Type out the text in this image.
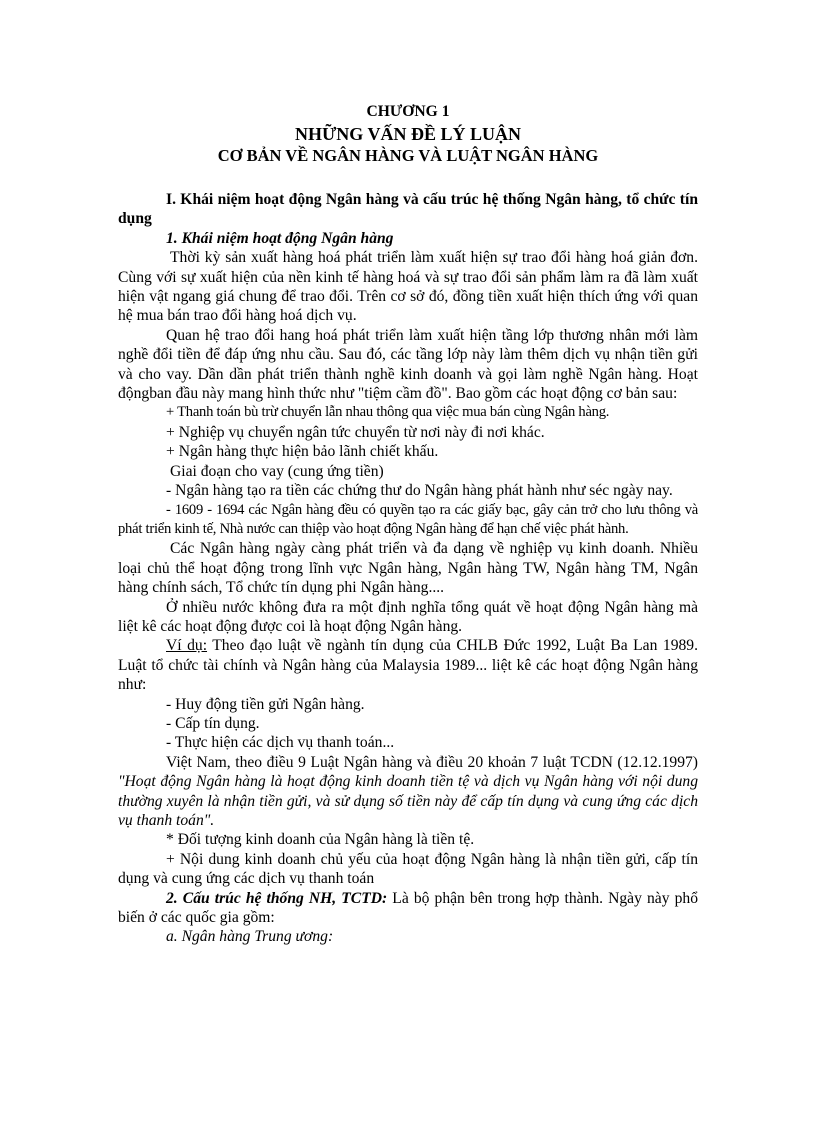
CHƯƠNG 1

NHỮNG VẤN ĐỀ LÝ LUẬN

CƠ BẢN VỀ NGÂN HÀNG VÀ LUẬT NGÂN HÀNG

I. Khái niệm hoạt động Ngân hàng và cấu trúc hệ thống Ngân hàng, tổ chức tín dụng

1. Khái niệm hoạt động Ngân hàng

Thời kỳ sản xuất hàng hoá phát triển làm xuất hiện sự trao đổi hàng hoá giản đơn. Cùng với sự xuất hiện của nền kinh tế hàng hoá và sự trao đổi sản phẩm làm ra đã làm xuất hiện vật ngang giá chung để trao đổi. Trên cơ sở đó, đồng tiền xuất hiện thích ứng với quan hệ mua bán trao đổi hàng hoá dịch vụ.

Quan hệ trao đổi hang hoá phát triển làm xuất hiện tầng lớp thương nhân mới làm nghề đổi tiền để đáp ứng nhu cầu. Sau đó, các tầng lớp này làm thêm dịch vụ nhận tiền gửi và cho vay. Dần dần phát triển thành nghề kinh doanh và gọi làm nghề Ngân hàng. Hoạt độngban đầu này mang hình thức như "tiệm cầm đồ". Bao gồm các hoạt động cơ bản sau:

+ Thanh toán bù trừ chuyển lẫn nhau thông qua việc mua bán cùng Ngân hàng.

+ Nghiệp vụ chuyển ngân tức chuyển từ nơi này đi nơi khác.

+ Ngân hàng thực hiện bảo lãnh chiết khấu.

Giai đoạn cho vay (cung ứng tiền)

- Ngân hàng tạo ra tiền các chứng thư do Ngân hàng phát hành như séc ngày nay.

- 1609 - 1694 các Ngân hàng đều có quyền tạo ra các giấy bạc, gây cản trở cho lưu thông và phát triển kinh tế, Nhà nước can thiệp vào hoạt động Ngân hàng để hạn chế việc phát hành.

Các Ngân hàng ngày càng phát triển và đa dạng về nghiệp vụ kinh doanh. Nhiều loại chủ thể hoạt động trong lĩnh vực Ngân hàng, Ngân hàng TW, Ngân hàng TM, Ngân hàng chính sách, Tổ chức tín dụng phi Ngân hàng....

Ở nhiều nước không đưa ra một định nghĩa tổng quát về hoạt động Ngân hàng mà liệt kê các hoạt động được coi là hoạt động Ngân hàng.

Ví dụ: Theo đạo luật về ngành tín dụng của CHLB Đức 1992, Luật Ba Lan 1989. Luật tổ chức tài chính và Ngân hàng của Malaysia 1989... liệt kê các hoạt động Ngân hàng như:

- Huy động tiền gửi Ngân hàng.

- Cấp tín dụng.

- Thực hiện các dịch vụ thanh toán...

Việt Nam, theo điều 9 Luật Ngân hàng và điều 20 khoản 7 luật TCDN (12.12.1997) "Hoạt động Ngân hàng là hoạt động kinh doanh tiền tệ và dịch vụ Ngân hàng với nội dung thường xuyên là nhận tiền gửi, và sử dụng số tiền này để cấp tín dụng và cung ứng các dịch vụ thanh toán".

* Đối tượng kinh doanh của Ngân hàng là tiền tệ.

+ Nội dung kinh doanh chủ yếu của hoạt động Ngân hàng là nhận tiền gửi, cấp tín dụng và cung ứng các dịch vụ thanh toán

2. Cấu trúc hệ thống NH, TCTD: Là bộ phận bên trong hợp thành. Ngày này phổ biến ở các quốc gia gồm:

a. Ngân hàng Trung ương:
